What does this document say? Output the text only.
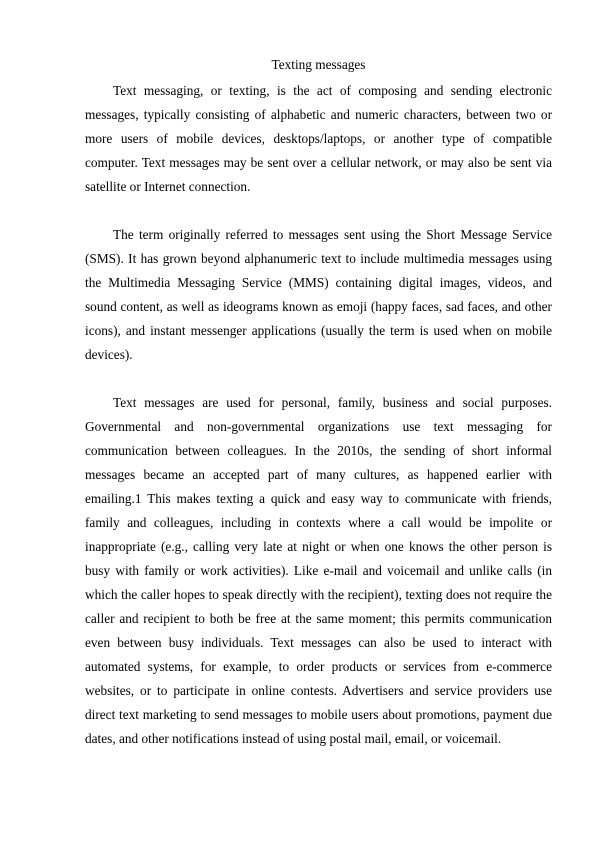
Texting messages

Text messaging, or texting, is the act of composing and sending electronic messages, typically consisting of alphabetic and numeric characters, between two or more users of mobile devices, desktops/laptops, or another type of compatible computer. Text messages may be sent over a cellular network, or may also be sent via satellite or Internet connection.

The term originally referred to messages sent using the Short Message Service (SMS). It has grown beyond alphanumeric text to include multimedia messages using the Multimedia Messaging Service (MMS) containing digital images, videos, and sound content, as well as ideograms known as emoji (happy faces, sad faces, and other icons), and instant messenger applications (usually the term is used when on mobile devices).

Text messages are used for personal, family, business and social purposes. Governmental and non-governmental organizations use text messaging for communication between colleagues. In the 2010s, the sending of short informal messages became an accepted part of many cultures, as happened earlier with emailing.1 This makes texting a quick and easy way to communicate with friends, family and colleagues, including in contexts where a call would be impolite or inappropriate (e.g., calling very late at night or when one knows the other person is busy with family or work activities). Like e-mail and voicemail and unlike calls (in which the caller hopes to speak directly with the recipient), texting does not require the caller and recipient to both be free at the same moment; this permits communication even between busy individuals. Text messages can also be used to interact with automated systems, for example, to order products or services from e-commerce websites, or to participate in online contests. Advertisers and service providers use direct text marketing to send messages to mobile users about promotions, payment due dates, and other notifications instead of using postal mail, email, or voicemail.
